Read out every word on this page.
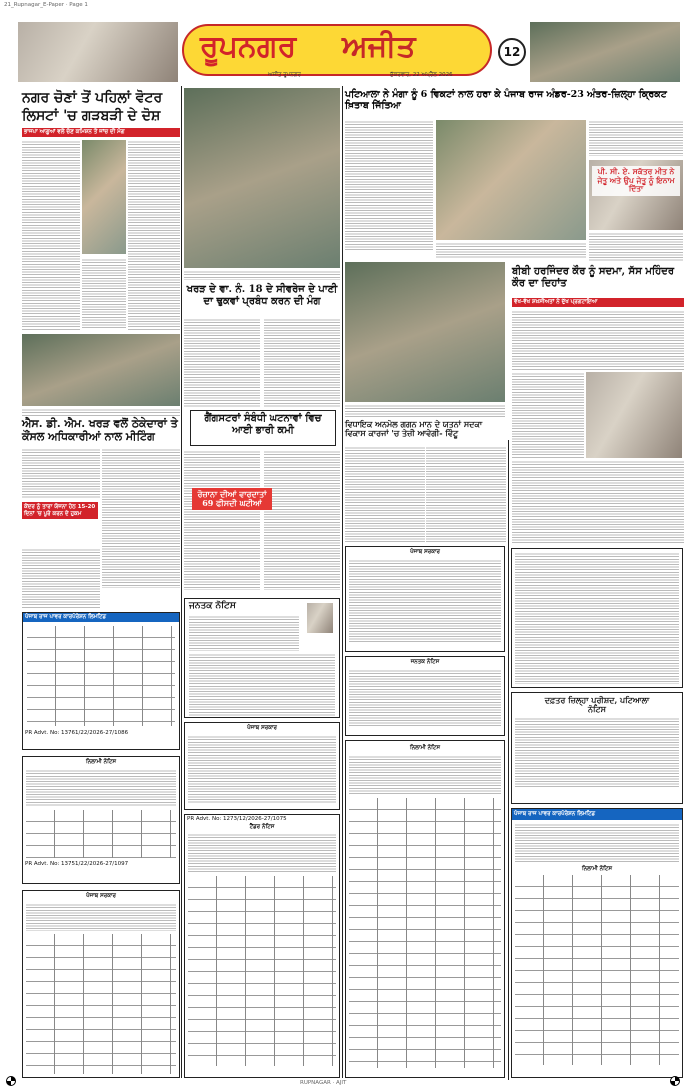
21_Rupnagar_E-Paper · Page 1
ਰੂਪਨਗਰ ਅਜੀਤ	12
ਅਜੀਤ ਰੂਪਨਗਰ	ਸ਼ੁੱਕਰਵਾਰ, 22 ਅਪ੍ਰੈਲ 2026
ਨਗਰ ਚੋਣਾਂ ਤੋਂ ਪਹਿਲਾਂ ਵੋਟਰ
ਲਿਸਟਾਂ 'ਚ ਗੜਬੜੀ ਦੇ ਦੋਸ਼
ਭਾਜਪਾ ਆਗੂਆਂ ਵਲੋਂ ਚੋਣ ਕਮਿਸ਼ਨ ਤੋਂ ਜਾਂਚ ਦੀ ਮੰਗ
ਐਸ. ਡੀ. ਐਮ. ਖਰੜ ਵਲੋਂ ਠੇਕੇਦਾਰਾਂ ਤੇ ਕੌਂਸਲ ਅਧਿਕਾਰੀਆਂ ਨਾਲ ਮੀਟਿੰਗ
ਕੇਂਦਰ ਨੂੰ ਤਾਰਾ ਯੋਜਨਾ ਹੇਠ 15-20 ਦਿਨਾਂ 'ਚ ਪੂਰੇ ਕਰਨ ਦੇ ਹੁਕਮ
ਪੰਜਾਬ ਰਾਜ ਪਾਵਰ ਕਾਰਪੋਰੇਸ਼ਨ ਲਿਮਟਿਡ
PR Advt. No: 13761/22/2026-27/1086
ਨਿਲਾਮੀ ਨੋਟਿਸ
PR Advt. No: 13751/22/2026-27/1097
ਪੰਜਾਬ ਸਰਕਾਰ
ਖਰੜ ਦੇ ਵਾ. ਨੰ. 18 ਦੇ ਸੀਵਰੇਜ ਦੇ ਪਾਣੀ ਦਾ ਢੁਕਵਾਂ ਪ੍ਰਬੰਧ ਕਰਨ ਦੀ ਮੰਗ
ਗੈਂਗਸਟਰਾਂ ਸੰਬੰਧੀ ਘਟਨਾਵਾਂ ਵਿਚ ਆਈ ਭਾਰੀ ਕਮੀ
ਰੋਜ਼ਾਨਾ ਦੀਆਂ ਵਾਰਦਾਤਾਂ 69 ਫੀਸਦੀ ਘਟੀਆਂ
ਜਨਤਕ ਨੋਟਿਸ
ਪੰਜਾਬ ਸਰਕਾਰ
PR Advt. No: 1273/12/2026-27/1075
ਟੈਂਡਰ ਨੋਟਿਸ
ਪਟਿਆਲਾ ਨੇ ਮੰਗਾ ਨੂੰ 6 ਵਿਕਟਾਂ ਨਾਲ ਹਰਾ ਕੇ ਪੰਜਾਬ ਰਾਜ ਅੰਡਰ-23 ਅੰਤਰ-ਜ਼ਿਲ੍ਹਾ ਕ੍ਰਿਕਟ ਖ਼ਿਤਾਬ ਜਿੱਤਿਆ
ਪੀ. ਸੀ. ਏ. ਸਕੱਤਰ ਮੀਤ ਨੇ ਜੇਤੂ ਅਤੇ ਉਪ ਜੇਤੂ ਨੂੰ ਇਨਾਮ ਦਿੱਤਾ
ਵਿਧਾਇਕ ਅਨਮੋਲ ਗਗਨ ਮਾਨ ਦੇ ਯਤਨਾਂ ਸਦਕਾ ਵਿਕਾਸ ਕਾਰਜਾਂ 'ਚ ਤੇਜ਼ੀ ਆਵੇਗੀ- ਵਿੰਟੂ
ਬੀਬੀ ਹਰਜਿੰਦਰ ਕੌਰ ਨੂੰ ਸਦਮਾ, ਸੱਸ ਮਹਿੰਦਰ ਕੌਰ ਦਾ ਦਿਹਾਂਤ
ਵੱਖ-ਵੱਖ ਸ਼ਖ਼ਸੀਅਤਾਂ ਨੇ ਦੁੱਖ ਪ੍ਰਗਟਾਇਆ
ਪੰਜਾਬ ਸਰਕਾਰ
ਜਨਤਕ ਨੋਟਿਸ
ਨਿਲਾਮੀ ਨੋਟਿਸ
ਦਫ਼ਤਰ ਜ਼ਿਲ੍ਹਾ ਪ੍ਰੀਸ਼ਦ, ਪਟਿਆਲਾ
ਨੋਟਿਸ
ਪੰਜਾਬ ਰਾਜ ਪਾਵਰ ਕਾਰਪੋਰੇਸ਼ਨ ਲਿਮਟਿਡ
ਨਿਲਾਮੀ ਨੋਟਿਸ
RUPNAGAR · AJIT
